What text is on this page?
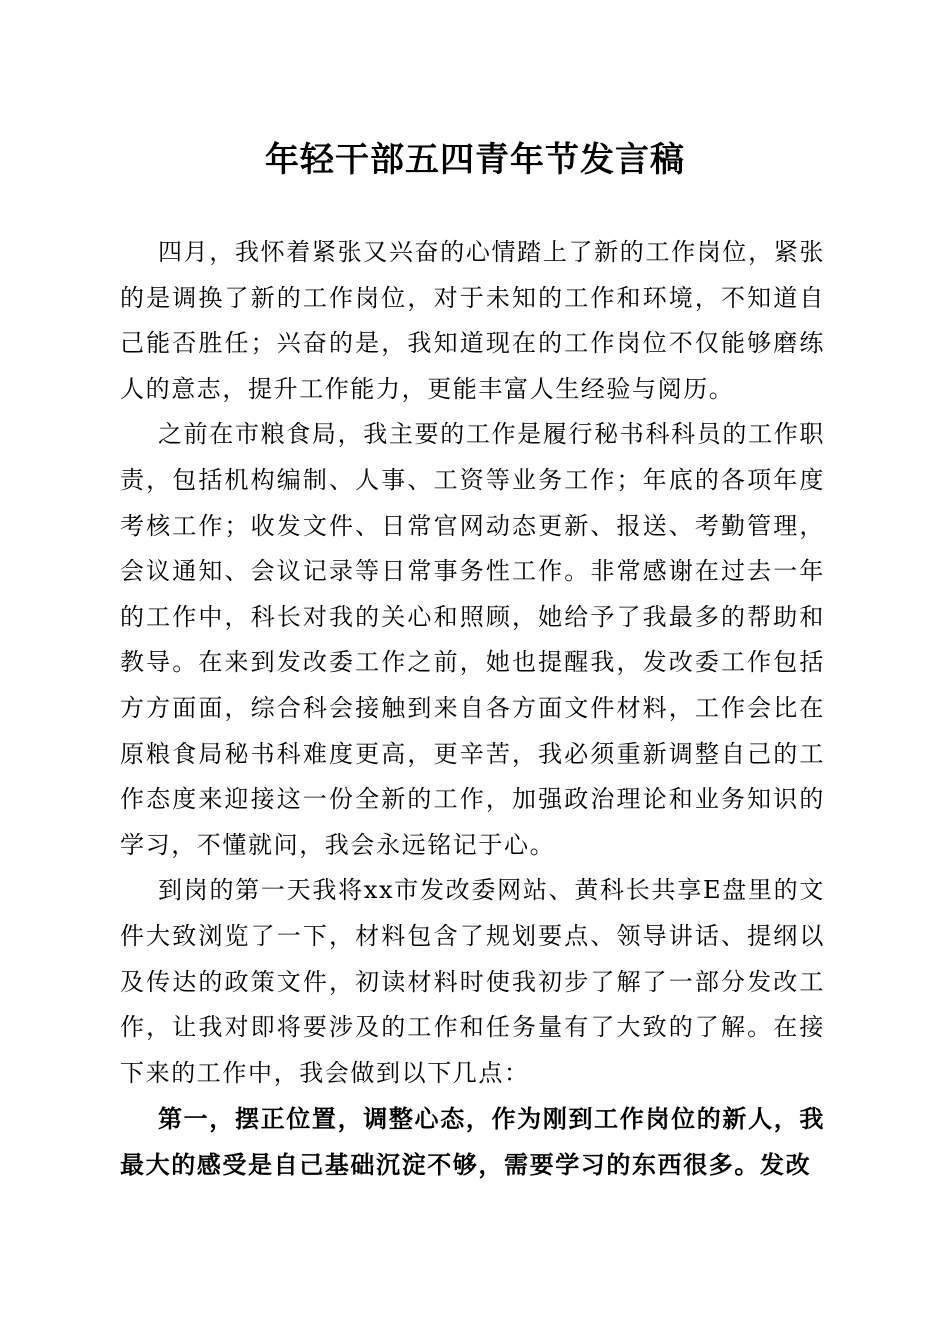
年轻干部五四青年节发言稿

四月，我怀着紧张又兴奋的心情踏上了新的工作岗位，紧张的是调换了新的工作岗位，对于未知的工作和环境，不知道自己能否胜任；兴奋的是，我知道现在的工作岗位不仅能够磨练人的意志，提升工作能力，更能丰富人生经验与阅历。

之前在市粮食局，我主要的工作是履行秘书科科员的工作职责，包括机构编制、人事、工资等业务工作；年底的各项年度考核工作；收发文件、日常官网动态更新、报送、考勤管理，会议通知、会议记录等日常事务性工作。非常感谢在过去一年的工作中，科长对我的关心和照顾，她给予了我最多的帮助和教导。在来到发改委工作之前，她也提醒我，发改委工作包括方方面面，综合科会接触到来自各方面文件材料，工作会比在原粮食局秘书科难度更高，更辛苦，我必须重新调整自己的工作态度来迎接这一份全新的工作，加强政治理论和业务知识的学习，不懂就问，我会永远铭记于心。

到岗的第一天我将xx市发改委网站、黄科长共享E盘里的文件大致浏览了一下，材料包含了规划要点、领导讲话、提纲以及传达的政策文件，初读材料时使我初步了解了一部分发改工作，让我对即将要涉及的工作和任务量有了大致的了解。在接下来的工作中，我会做到以下几点：

第一，摆正位置，调整心态，作为刚到工作岗位的新人，我最大的感受是自己基础沉淀不够，需要学习的东西很多。发改
